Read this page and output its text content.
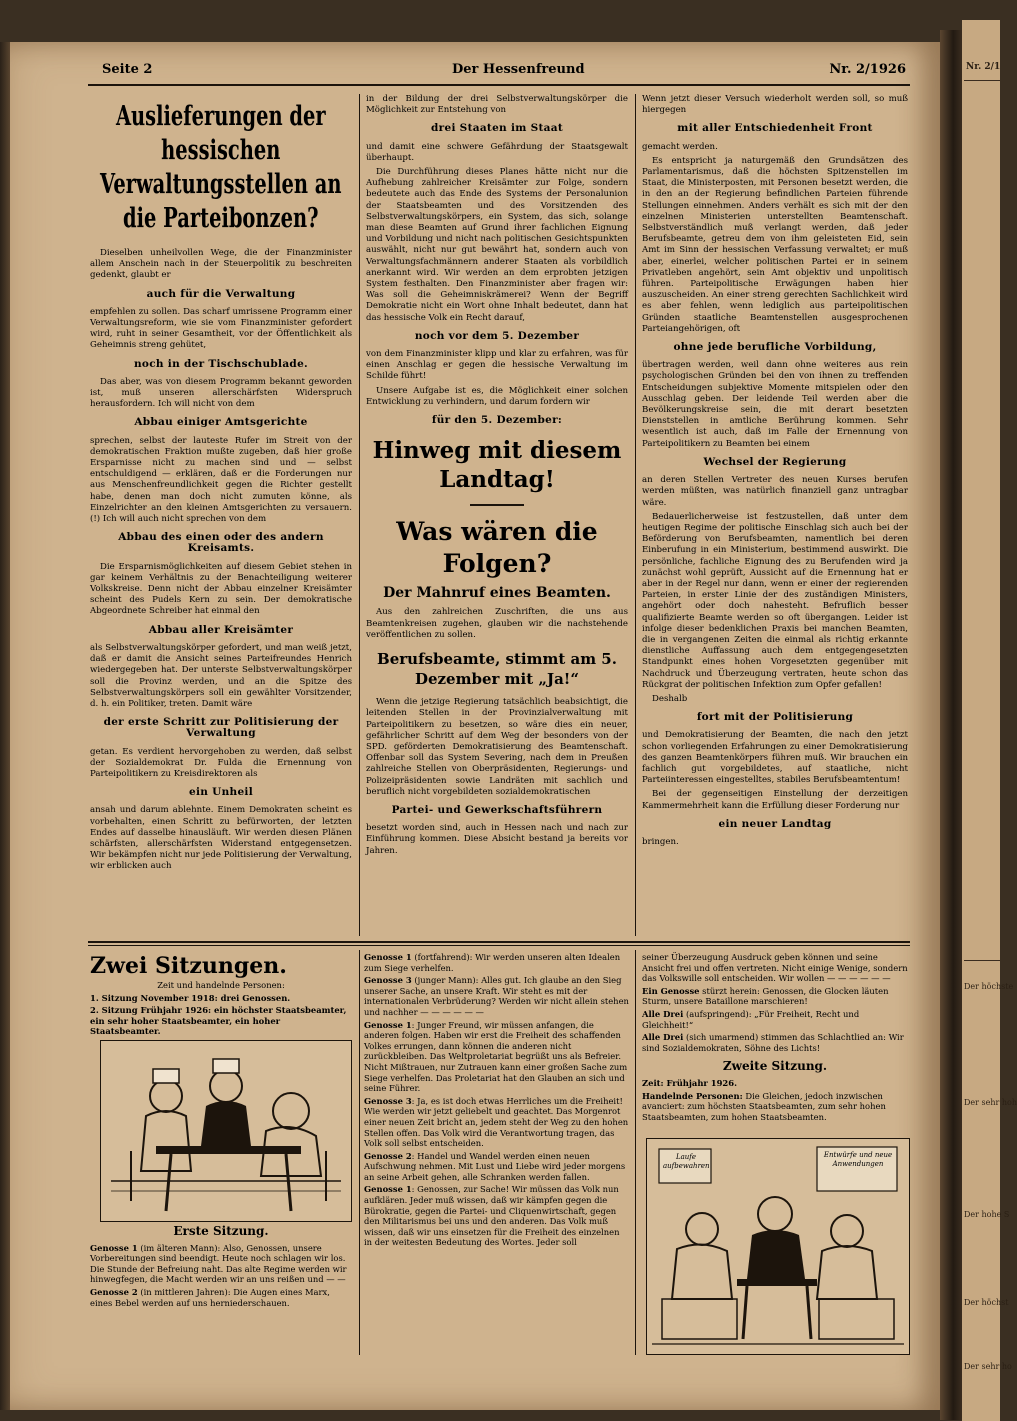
Nr. 2/1
Der höchste
Der sehr hoh
Der hohe S
Der höchst
Der sehr ho
Seite 2	Der Hessenfreund	Nr. 2/1926
Auslieferungen der hessischen Verwaltungsstellen an die Parteibonzen?

Dieselben unheilvollen Wege, die der Finanzminister allem Anschein nach in der Steuerpolitik zu beschreiten gedenkt, glaubt er

auch für die Verwaltung

empfehlen zu sollen. Das scharf umrissene Programm einer Verwaltungsreform, wie sie vom Finanzminister gefordert wird, ruht in seiner Gesamtheit, vor der Öffentlichkeit als Geheimnis streng gehütet,

noch in der Tischschublade.

Das aber, was von diesem Programm bekannt geworden ist, muß unseren allerschärfsten Widerspruch herausfordern. Ich will nicht von dem

Abbau einiger Amtsgerichte

sprechen, selbst der lauteste Rufer im Streit von der demokratischen Fraktion mußte zugeben, daß hier große Ersparnisse nicht zu machen sind und — selbst entschuldigend — erklären, daß er die Forderungen nur aus Menschenfreundlichkeit gegen die Richter gestellt habe, denen man doch nicht zumuten könne, als Einzelrichter an den kleinen Amtsgerichten zu versauern. (!) Ich will auch nicht sprechen von dem

Abbau des einen oder des andern Kreisamts.

Die Ersparnismöglichkeiten auf diesem Gebiet stehen in gar keinem Verhältnis zu der Benachteiligung weiterer Volkskreise. Denn nicht der Abbau einzelner Kreisämter scheint des Pudels Kern zu sein. Der demokratische Abgeordnete Schreiber hat einmal den

Abbau aller Kreisämter

als Selbstverwaltungskörper gefordert, und man weiß jetzt, daß er damit die Ansicht seines Parteifreundes Henrich wiedergegeben hat. Der unterste Selbstverwaltungskörper soll die Provinz werden, und an die Spitze des Selbstverwaltungskörpers soll ein gewählter Vorsitzender, d. h. ein Politiker, treten. Damit wäre

der erste Schritt zur Politisierung der Verwaltung

getan. Es verdient hervorgehoben zu werden, daß selbst der Sozialdemokrat Dr. Fulda die Ernennung von Parteipolitikern zu Kreisdirektoren als

ein Unheil

ansah und darum ablehnte. Einem Demokraten scheint es vorbehalten, einen Schritt zu befürworten, der letzten Endes auf dasselbe hinausläuft. Wir werden diesen Plänen schärfsten, allerschärfsten Widerstand entgegensetzen. Wir bekämpfen nicht nur jede Politisierung der Verwaltung, wir erblicken auch

in der Bildung der drei Selbstverwaltungskörper die Möglichkeit zur Entstehung von

drei Staaten im Staat

und damit eine schwere Gefährdung der Staatsgewalt überhaupt.

Die Durchführung dieses Planes hätte nicht nur die Aufhebung zahlreicher Kreisämter zur Folge, sondern bedeutete auch das Ende des Systems der Personalunion der Staatsbeamten und des Vorsitzenden des Selbstverwaltungskörpers, ein System, das sich, solange man diese Beamten auf Grund ihrer fachlichen Eignung und Vorbildung und nicht nach politischen Gesichtspunkten auswählt, nicht nur gut bewährt hat, sondern auch von Verwaltungsfachmännern anderer Staaten als vorbildlich anerkannt wird. Wir werden an dem erprobten jetzigen System festhalten. Den Finanzminister aber fragen wir: Was soll die Geheimniskrämerei? Wenn der Begriff Demokratie nicht ein Wort ohne Inhalt bedeutet, dann hat das hessische Volk ein Recht darauf,

noch vor dem 5. Dezember

von dem Finanzminister klipp und klar zu erfahren, was für einen Anschlag er gegen die hessische Verwaltung im Schilde führt!

Unsere Aufgabe ist es, die Möglichkeit einer solchen Entwicklung zu verhindern, und darum fordern wir

für den 5. Dezember:
Hinweg mit diesem Landtag!
Was wären die Folgen?
Der Mahnruf eines Beamten.

Aus den zahlreichen Zuschriften, die uns aus Beamtenkreisen zugehen, glauben wir die nachstehende veröffentlichen zu sollen.

Berufsbeamte, stimmt am 5. Dezember mit „Ja!“

Wenn die jetzige Regierung tatsächlich beabsichtigt, die leitenden Stellen in der Provinzialverwaltung mit Parteipolitikern zu besetzen, so wäre dies ein neuer, gefährlicher Schritt auf dem Weg der besonders von der SPD. geförderten Demokratisierung des Beamtenschaft. Offenbar soll das System Severing, nach dem in Preußen zahlreiche Stellen von Oberpräsidenten, Regierungs- und Polizeipräsidenten sowie Landräten mit sachlich und beruflich nicht vorgebildeten sozialdemokratischen

Partei- und Gewerkschaftsführern

besetzt worden sind, auch in Hessen nach und nach zur Einführung kommen. Diese Absicht bestand ja bereits vor Jahren.

Wenn jetzt dieser Versuch wiederholt werden soll, so muß hiergegen

mit aller Entschiedenheit Front

gemacht werden.

Es entspricht ja naturgemäß den Grundsätzen des Parlamentarismus, daß die höchsten Spitzenstellen im Staat, die Ministerposten, mit Personen besetzt werden, die in den an der Regierung befindlichen Parteien führende Stellungen einnehmen. Anders verhält es sich mit der den einzelnen Ministerien unterstellten Beamtenschaft. Selbstverständlich muß verlangt werden, daß jeder Berufsbeamte, getreu dem von ihm geleisteten Eid, sein Amt im Sinn der hessischen Verfassung verwaltet; er muß aber, einerlei, welcher politischen Partei er in seinem Privatleben angehört, sein Amt objektiv und unpolitisch führen. Parteipolitische Erwägungen haben hier auszuscheiden. An einer streng gerechten Sachlichkeit wird es aber fehlen, wenn lediglich aus parteipolitischen Gründen staatliche Beamtenstellen ausgesprochenen Parteiangehörigen, oft

ohne jede berufliche Vorbildung,

übertragen werden, weil dann ohne weiteres aus rein psychologischen Gründen bei den von ihnen zu treffenden Entscheidungen subjektive Momente mitspielen oder den Ausschlag geben. Der leidende Teil werden aber die Bevölkerungskreise sein, die mit derart besetzten Dienststellen in amtliche Berührung kommen. Sehr wesentlich ist auch, daß im Falle der Ernennung von Parteipolitikern zu Beamten bei einem

Wechsel der Regierung

an deren Stellen Vertreter des neuen Kurses berufen werden müßten, was natürlich finanziell ganz untragbar wäre.

Bedauerlicherweise ist festzustellen, daß unter dem heutigen Regime der politische Einschlag sich auch bei der Beförderung von Berufsbeamten, namentlich bei deren Einberufung in ein Ministerium, bestimmend auswirkt. Die persönliche, fachliche Eignung des zu Berufenden wird ja zunächst wohl geprüft, Aussicht auf die Ernennung hat er aber in der Regel nur dann, wenn er einer der regierenden Parteien, in erster Linie der des zuständigen Ministers, angehört oder doch nahesteht. Befruflich besser qualifizierte Beamte werden so oft übergangen. Leider ist infolge dieser bedenklichen Praxis bei manchen Beamten, die in vergangenen Zeiten die einmal als richtig erkannte dienstliche Auffassung auch dem entgegengesetzten Standpunkt eines hohen Vorgesetzten gegenüber mit Nachdruck und Überzeugung vertraten, heute schon das Rückgrat der politischen Infektion zum Opfer gefallen!

Deshalb

fort mit der Politisierung

und Demokratisierung der Beamten, die nach den jetzt schon vorliegenden Erfahrungen zu einer Demokratisierung des ganzen Beamtenkörpers führen muß. Wir brauchen ein fachlich gut vorgebildetes, auf staatliche, nicht Parteiinteressen eingestelltes, stabiles Berufsbeamtentum!

Bei der gegenseitigen Einstellung der derzeitigen Kammermehrheit kann die Erfüllung dieser Forderung nur

ein neuer Landtag

bringen.

Zwei Sitzungen.

Zeit und handelnde Personen:

1. Sitzung November 1918: drei Genossen.

2. Sitzung Frühjahr 1926: ein höchster Staatsbeamter, ein sehr hoher Staatsbeamter, ein hoher Staatsbeamter.

Erste Sitzung.

Genosse 1 (im älteren Mann): Also, Genossen, unsere Vorbereitungen sind beendigt. Heute noch schlagen wir los. Die Stunde der Befreiung naht. Das alte Regime werden wir hinwegfegen, die Macht werden wir an uns reißen und — —

Genosse 2 (in mittleren Jahren): Die Augen eines Marx, eines Bebel werden auf uns herniederschauen.

Genosse 1 (fortfahrend): Wir werden unseren alten Idealen zum Siege verhelfen.

Genosse 3 (junger Mann): Alles gut. Ich glaube an den Sieg unserer Sache, an unsere Kraft. Wir steht es mit der internationalen Verbrüderung? Werden wir nicht allein stehen und nachher — — — — — —

Genosse 1: Junger Freund, wir müssen anfangen, die anderen folgen. Haben wir erst die Freiheit des schaffenden Volkes errungen, dann können die anderen nicht zurückbleiben. Das Weltproletariat begrüßt uns als Befreier. Nicht Mißtrauen, nur Zutrauen kann einer großen Sache zum Siege verhelfen. Das Proletariat hat den Glauben an sich und seine Führer.

Genosse 3: Ja, es ist doch etwas Herrliches um die Freiheit! Wie werden wir jetzt geliebelt und geachtet. Das Morgenrot einer neuen Zeit bricht an, jedem steht der Weg zu den hohen Stellen offen. Das Volk wird die Verantwortung tragen, das Volk soll selbst entscheiden.

Genosse 2: Handel und Wandel werden einen neuen Aufschwung nehmen. Mit Lust und Liebe wird jeder morgens an seine Arbeit gehen, alle Schranken werden fallen.

Genosse 1: Genossen, zur Sache! Wir müssen das Volk nun aufklären. Jeder muß wissen, daß wir kämpfen gegen die Bürokratie, gegen die Partei- und Cliquenwirtschaft, gegen den Militarismus bei uns und den anderen. Das Volk muß wissen, daß wir uns einsetzen für die Freiheit des einzelnen in der weitesten Bedeutung des Wortes. Jeder soll

seiner Überzeugung Ausdruck geben können und seine Ansicht frei und offen vertreten. Nicht einige Wenige, sondern das Volkswille soll entscheiden. Wir wollen — — — — — —

Ein Genosse stürzt herein: Genossen, die Glocken läuten Sturm, unsere Bataillone marschieren!

Alle Drei (aufspringend): „Für Freiheit, Recht und Gleichheit!“

Alle Drei (sich umarmend) stimmen das Schlachtlied an: Wir sind Sozialdemokraten, Söhne des Lichts!

Zweite Sitzung.

Zeit: Frühjahr 1926.

Handelnde Personen: Die Gleichen, jedoch inzwischen avanciert: zum höchsten Staatsbeamten, zum sehr hohen Staatsbeamten, zum hohen Staatsbeamten.

Laufe aufbewahren
Entwürfe und neue Anwendungen
